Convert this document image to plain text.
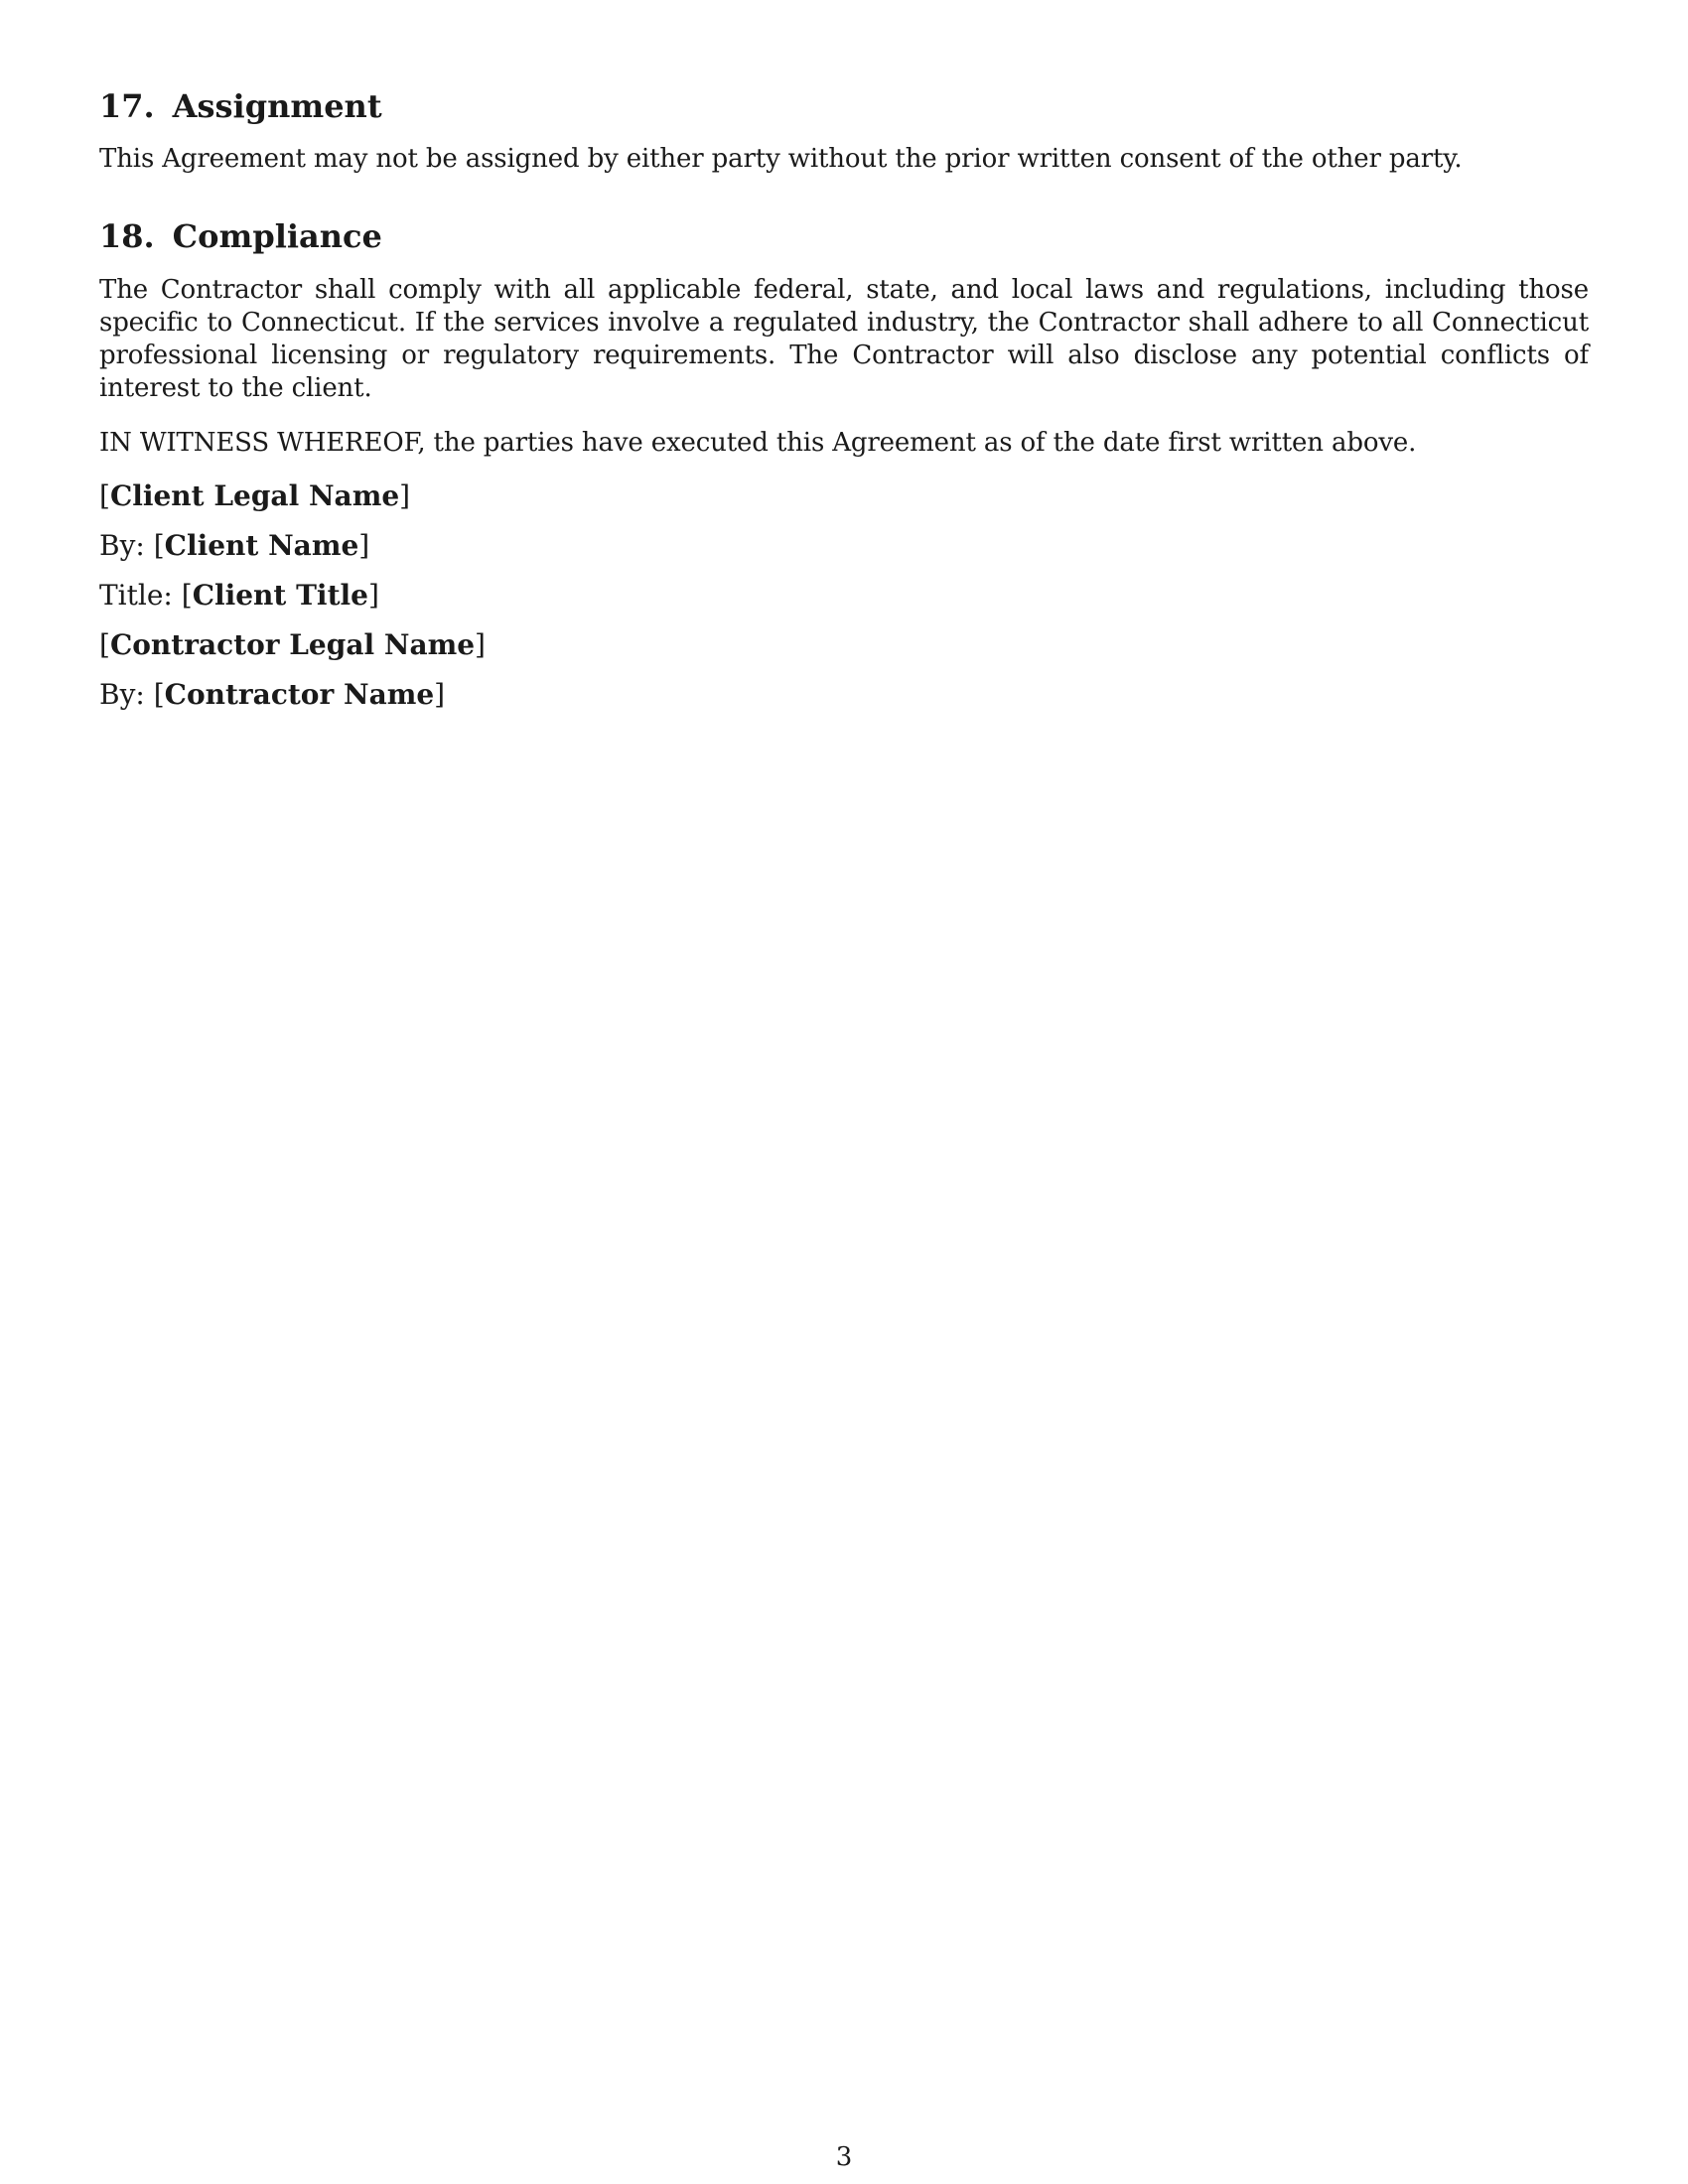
17. Assignment

This Agreement may not be assigned by either party without the prior written consent of the other party.

18. Compliance

The Contractor shall comply with all applicable federal, state, and local laws and regulations, including those specific to Connecticut. If the services involve a regulated industry, the Contractor shall adhere to all Connecticut professional licensing or regulatory requirements. The Contractor will also disclose any potential conflicts of interest to the client.

IN WITNESS WHEREOF, the parties have executed this Agreement as of the date first written above.

[Client Legal Name]

By: [Client Name]

Title: [Client Title]

[Contractor Legal Name]

By: [Contractor Name]

3
